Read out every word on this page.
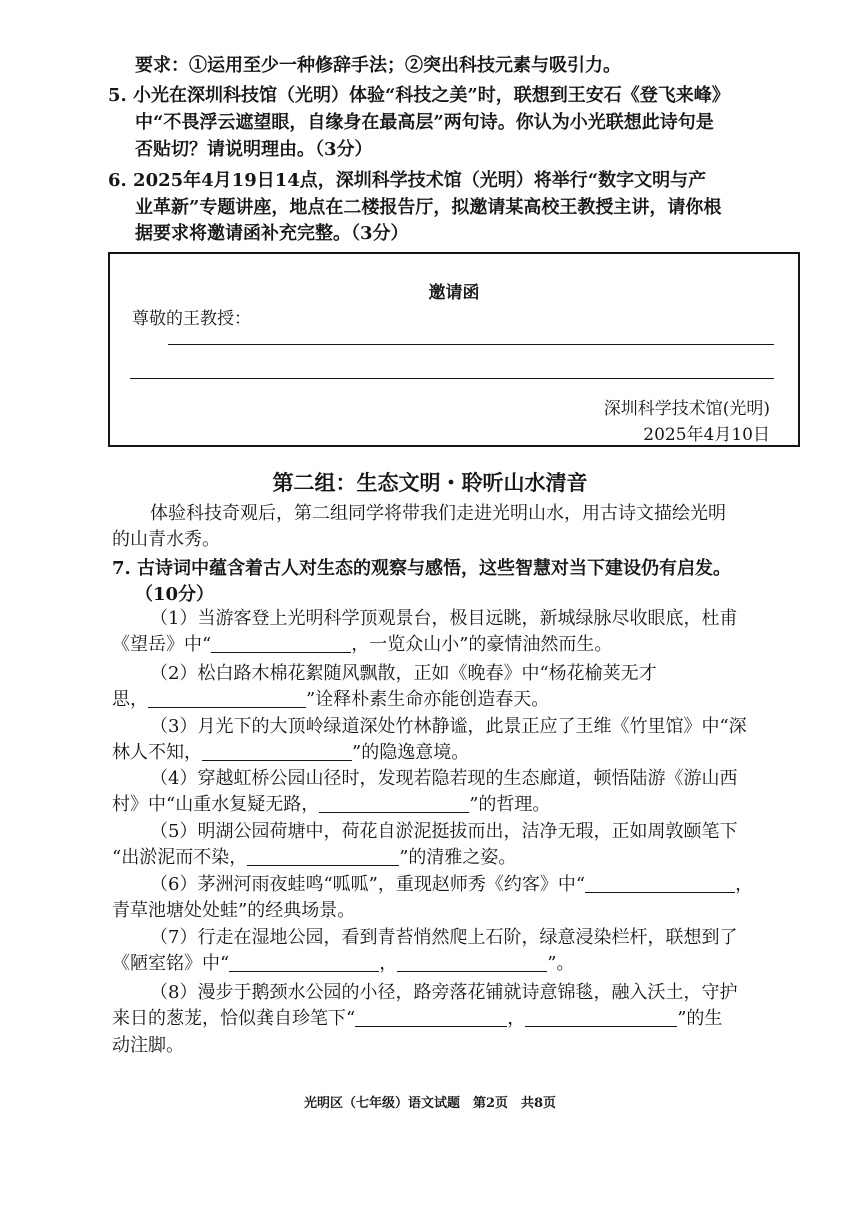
要求：①运用至少一种修辞手法；②突出科技元素与吸引力。
5. 小光在深圳科技馆（光明）体验“科技之美”时，联想到王安石《登飞来峰》
中“不畏浮云遮望眼，自缘身在最高层”两句诗。你认为小光联想此诗句是
否贴切？请说明理由。（3分）
6. 2025年4月19日14点，深圳科学技术馆（光明）将举行“数字文明与产
业革新”专题讲座，地点在二楼报告厅，拟邀请某高校王教授主讲，请你根
据要求将邀请函补充完整。（3分）
邀请函
尊敬的王教授：
深圳科学技术馆(光明)
2025年4月10日
第二组：生态文明・聆听山水清音
体验科技奇观后，第二组同学将带我们走进光明山水，用古诗文描绘光明
的山青水秀。
7. 古诗词中蕴含着古人对生态的观察与感悟，这些智慧对当下建设仍有启发。
（10分）
（1）当游客登上光明科学顶观景台，极目远眺，新城绿脉尽收眼底，杜甫
《望岳》中“	，一览众山小”的豪情油然而生。
（2）松白路木棉花絮随风飘散，正如《晚春》中“杨花榆荚无才
思，	”诠释朴素生命亦能创造春天。
（3）月光下的大顶岭绿道深处竹林静谧，此景正应了王维《竹里馆》中“深
林人不知，	”的隐逸意境。
（4）穿越虹桥公园山径时，发现若隐若现的生态廊道，顿悟陆游《游山西
村》中“山重水复疑无路，	”的哲理。
（5）明湖公园荷塘中，荷花自淤泥挺拔而出，洁净无瑕，正如周敦颐笔下
“出淤泥而不染，	”的清雅之姿。
（6）茅洲河雨夜蛙鸣“呱呱”，重现赵师秀《约客》中“	，
青草池塘处处蛙”的经典场景。
（7）行走在湿地公园，看到青苔悄然爬上石阶，绿意浸染栏杆，联想到了
《陋室铭》中“	，	”。
（8）漫步于鹅颈水公园的小径，路旁落花铺就诗意锦毯，融入沃土，守护
来日的葱茏，恰似龚自珍笔下“	，	”的生
动注脚。
光明区（七年级）语文试题　第2页　共8页
